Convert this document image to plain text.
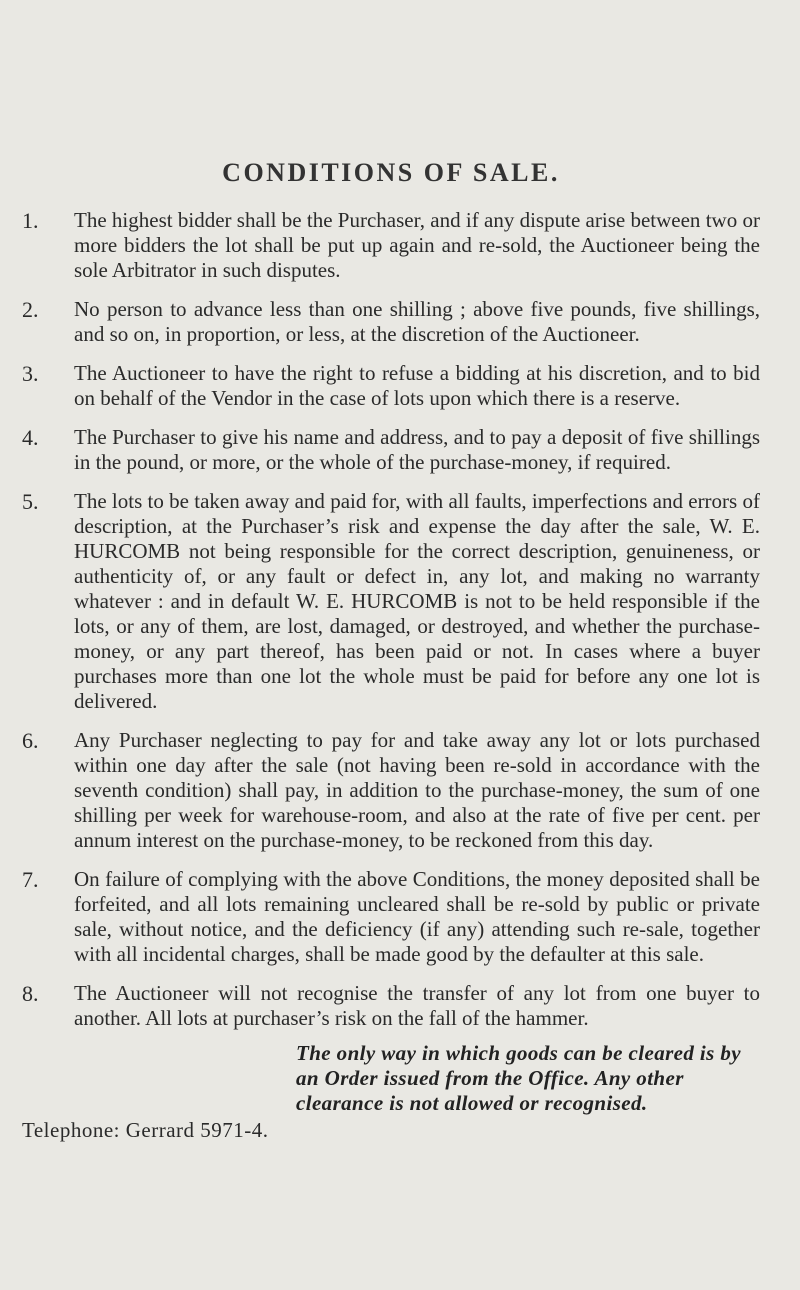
CONDITIONS OF SALE.
1.	The highest bidder shall be the Purchaser, and if any dispute arise between two or more bidders the lot shall be put up again and re-sold, the Auctioneer being the sole Arbitrator in such disputes.
2.	No person to advance less than one shilling ; above five pounds, five shillings, and so on, in proportion, or less, at the discretion of the Auctioneer.
3.	The Auctioneer to have the right to refuse a bidding at his discretion, and to bid on behalf of the Vendor in the case of lots upon which there is a reserve.
4.	The Purchaser to give his name and address, and to pay a deposit of five shillings in the pound, or more, or the whole of the purchase-money, if required.
5.	The lots to be taken away and paid for, with all faults, imperfections and errors of description, at the Purchaser’s risk and expense the day after the sale, W. E. HURCOMB not being responsible for the correct description, genuineness, or authenticity of, or any fault or defect in, any lot, and making no warranty whatever : and in default W. E. HURCOMB is not to be held responsible if the lots, or any of them, are lost, damaged, or destroyed, and whether the purchase-money, or any part thereof, has been paid or not. In cases where a buyer purchases more than one lot the whole must be paid for before any one lot is delivered.
6.	Any Purchaser neglecting to pay for and take away any lot or lots purchased within one day after the sale (not having been re-sold in accordance with the seventh condition) shall pay, in addition to the purchase-money, the sum of one shilling per week for warehouse-room, and also at the rate of five per cent. per annum interest on the purchase-money, to be reckoned from this day.
7.	On failure of complying with the above Conditions, the money deposited shall be forfeited, and all lots remaining uncleared shall be re-sold by public or private sale, without notice, and the deficiency (if any) attending such re-sale, together with all incidental charges, shall be made good by the defaulter at this sale.
8.	The Auctioneer will not recognise the transfer of any lot from one buyer to another. All lots at purchaser’s risk on the fall of the hammer.

The only way in which goods can be cleared is by an Order issued from the Office. Any other clearance is not allowed or recognised.

Telephone: Gerrard 5971-4.
